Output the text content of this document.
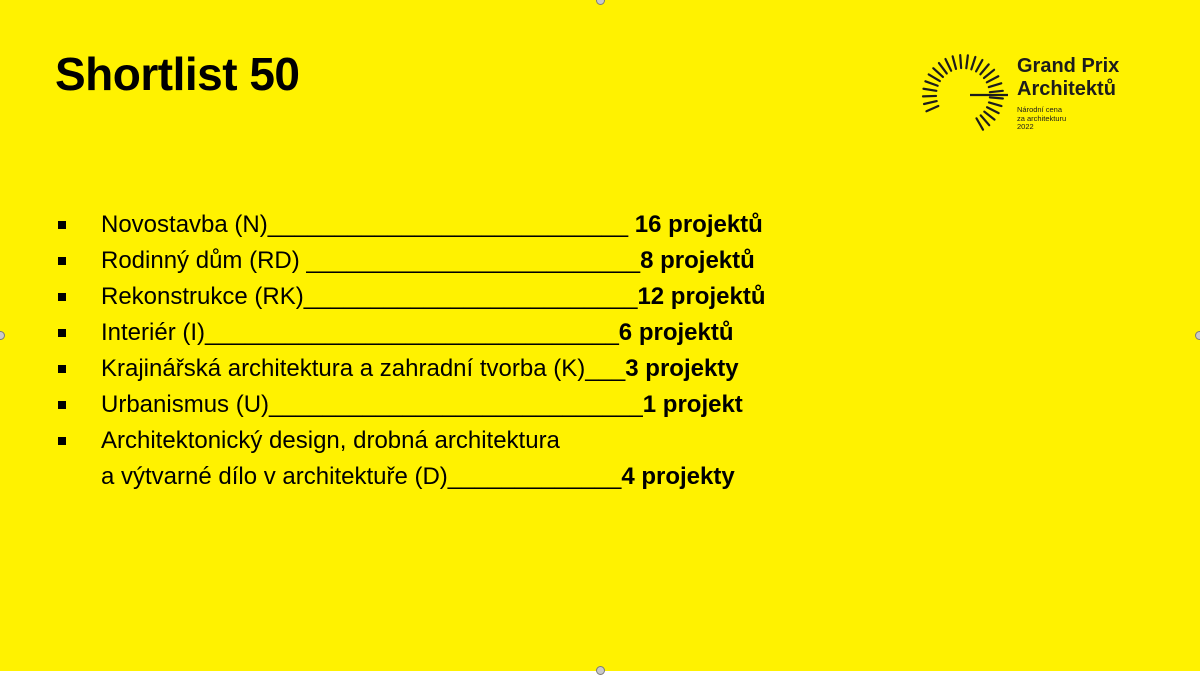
Shortlist 50	Grand Prix
Architektů
Národní cena
za architekturu
2022
Novostavba (N)___________________________ 16 projektů
Rodinný dům (RD) _________________________8 projektů
Rekonstrukce (RK)_________________________12 projektů
Interiér (I)_______________________________6 projektů
Krajinářská architektura a zahradní tvorba (K)___3 projekty
Urbanismus (U)____________________________1 projekt
Architektonický design, drobná architektura
a výtvarné dílo v architektuře (D)_____________4 projekty
